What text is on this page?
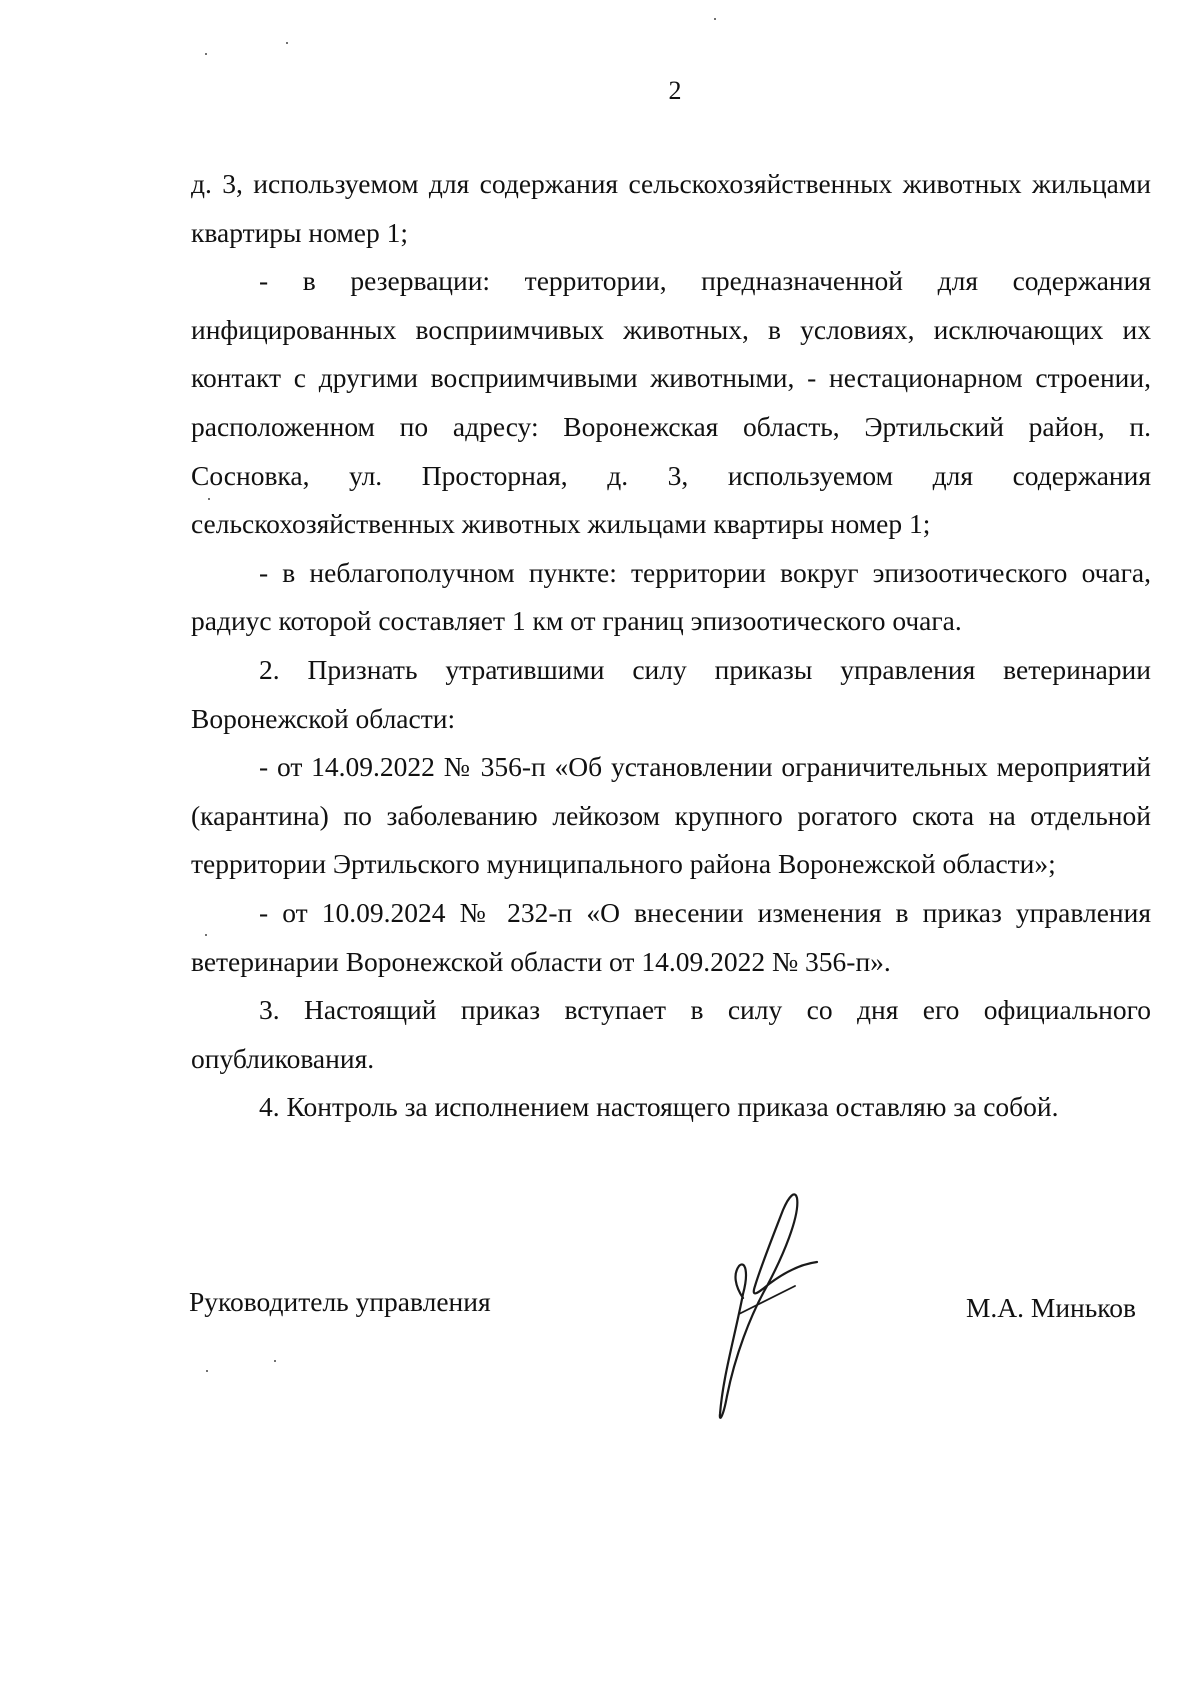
2

д. 3, используемом для содержания сельскохозяйственных животных жильцами квартиры номер 1;

- в резервации: территории, предназначенной для содержания инфицированных восприимчивых животных, в условиях, исключающих их контакт с другими восприимчивыми животными, - нестационарном строении, расположенном по адресу: Воронежская область, Эртильский район, п. Сосновка, ул. Просторная, д. 3, используемом для содержания сельскохозяйственных животных жильцами квартиры номер 1;

- в неблагополучном пункте: территории вокруг эпизоотического очага, радиус которой составляет 1 км от границ эпизоотического очага.

2. Признать утратившими силу приказы управления ветеринарии Воронежской области:

- от 14.09.2022 № 356-п «Об установлении ограничительных мероприятий (карантина) по заболеванию лейкозом крупного рогатого скота на отдельной территории Эртильского муниципального района Воронежской области»;

- от 10.09.2024 № 232-п «О внесении изменения в приказ управления ветеринарии Воронежской области от 14.09.2022 № 356-п».

3. Настоящий приказ вступает в силу со дня его официального опубликования.

4. Контроль за исполнением настоящего приказа оставляю за собой.

Руководитель управления	М.А. Миньков
